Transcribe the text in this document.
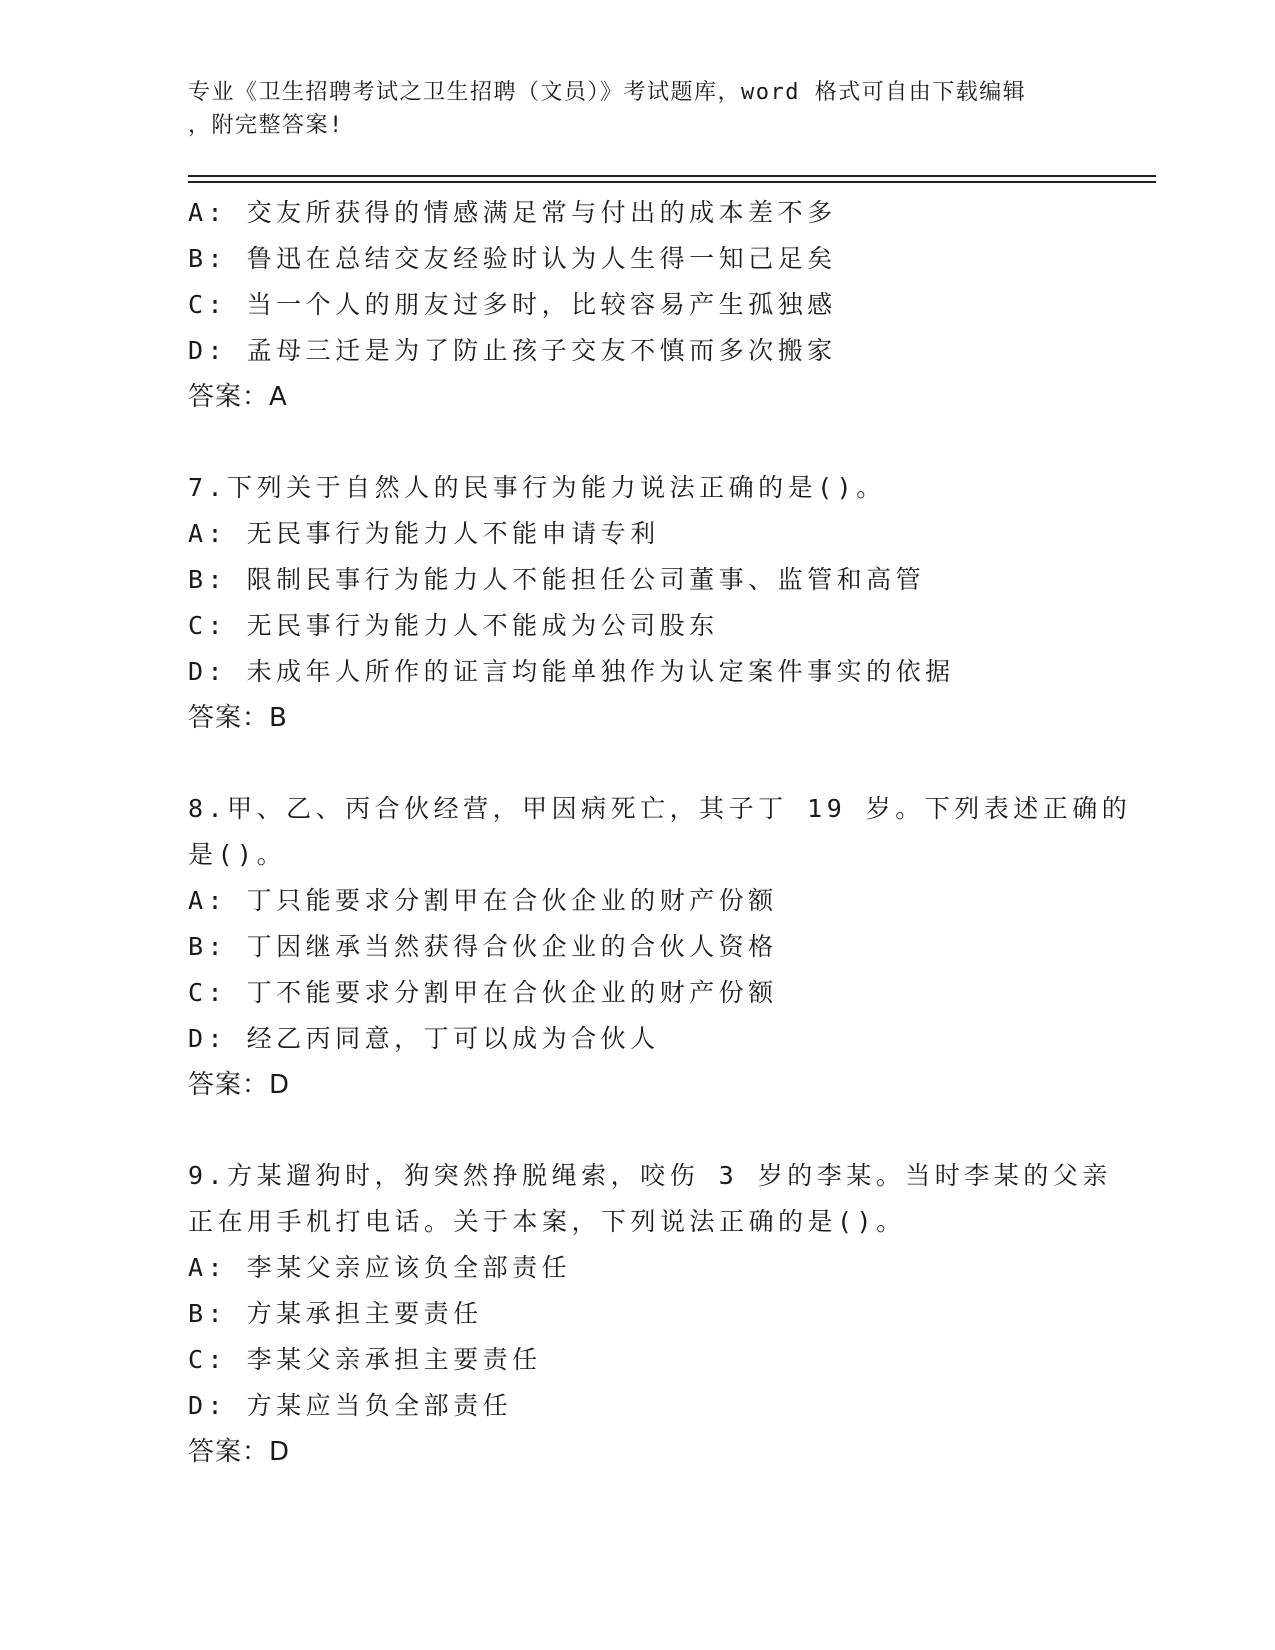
专业《卫生招聘考试之卫生招聘（文员）》考试题库，word 格式可自由下载编辑
，附完整答案!
A: 交友所获得的情感满足常与付出的成本差不多
B: 鲁迅在总结交友经验时认为人生得一知己足矣
C: 当一个人的朋友过多时，比较容易产生孤独感
D: 孟母三迁是为了防止孩子交友不慎而多次搬家
答案：A
7.下列关于自然人的民事行为能力说法正确的是()。
A: 无民事行为能力人不能申请专利
B: 限制民事行为能力人不能担任公司董事、监管和高管
C: 无民事行为能力人不能成为公司股东
D: 未成年人所作的证言均能单独作为认定案件事实的依据
答案：B
8.甲、乙、丙合伙经营，甲因病死亡，其子丁 19 岁。下列表述正确的
是()。
A: 丁只能要求分割甲在合伙企业的财产份额
B: 丁因继承当然获得合伙企业的合伙人资格
C: 丁不能要求分割甲在合伙企业的财产份额
D: 经乙丙同意，丁可以成为合伙人
答案：D
9.方某遛狗时，狗突然挣脱绳索，咬伤 3 岁的李某。当时李某的父亲
正在用手机打电话。关于本案，下列说法正确的是()。
A: 李某父亲应该负全部责任
B: 方某承担主要责任
C: 李某父亲承担主要责任
D: 方某应当负全部责任
答案：D
